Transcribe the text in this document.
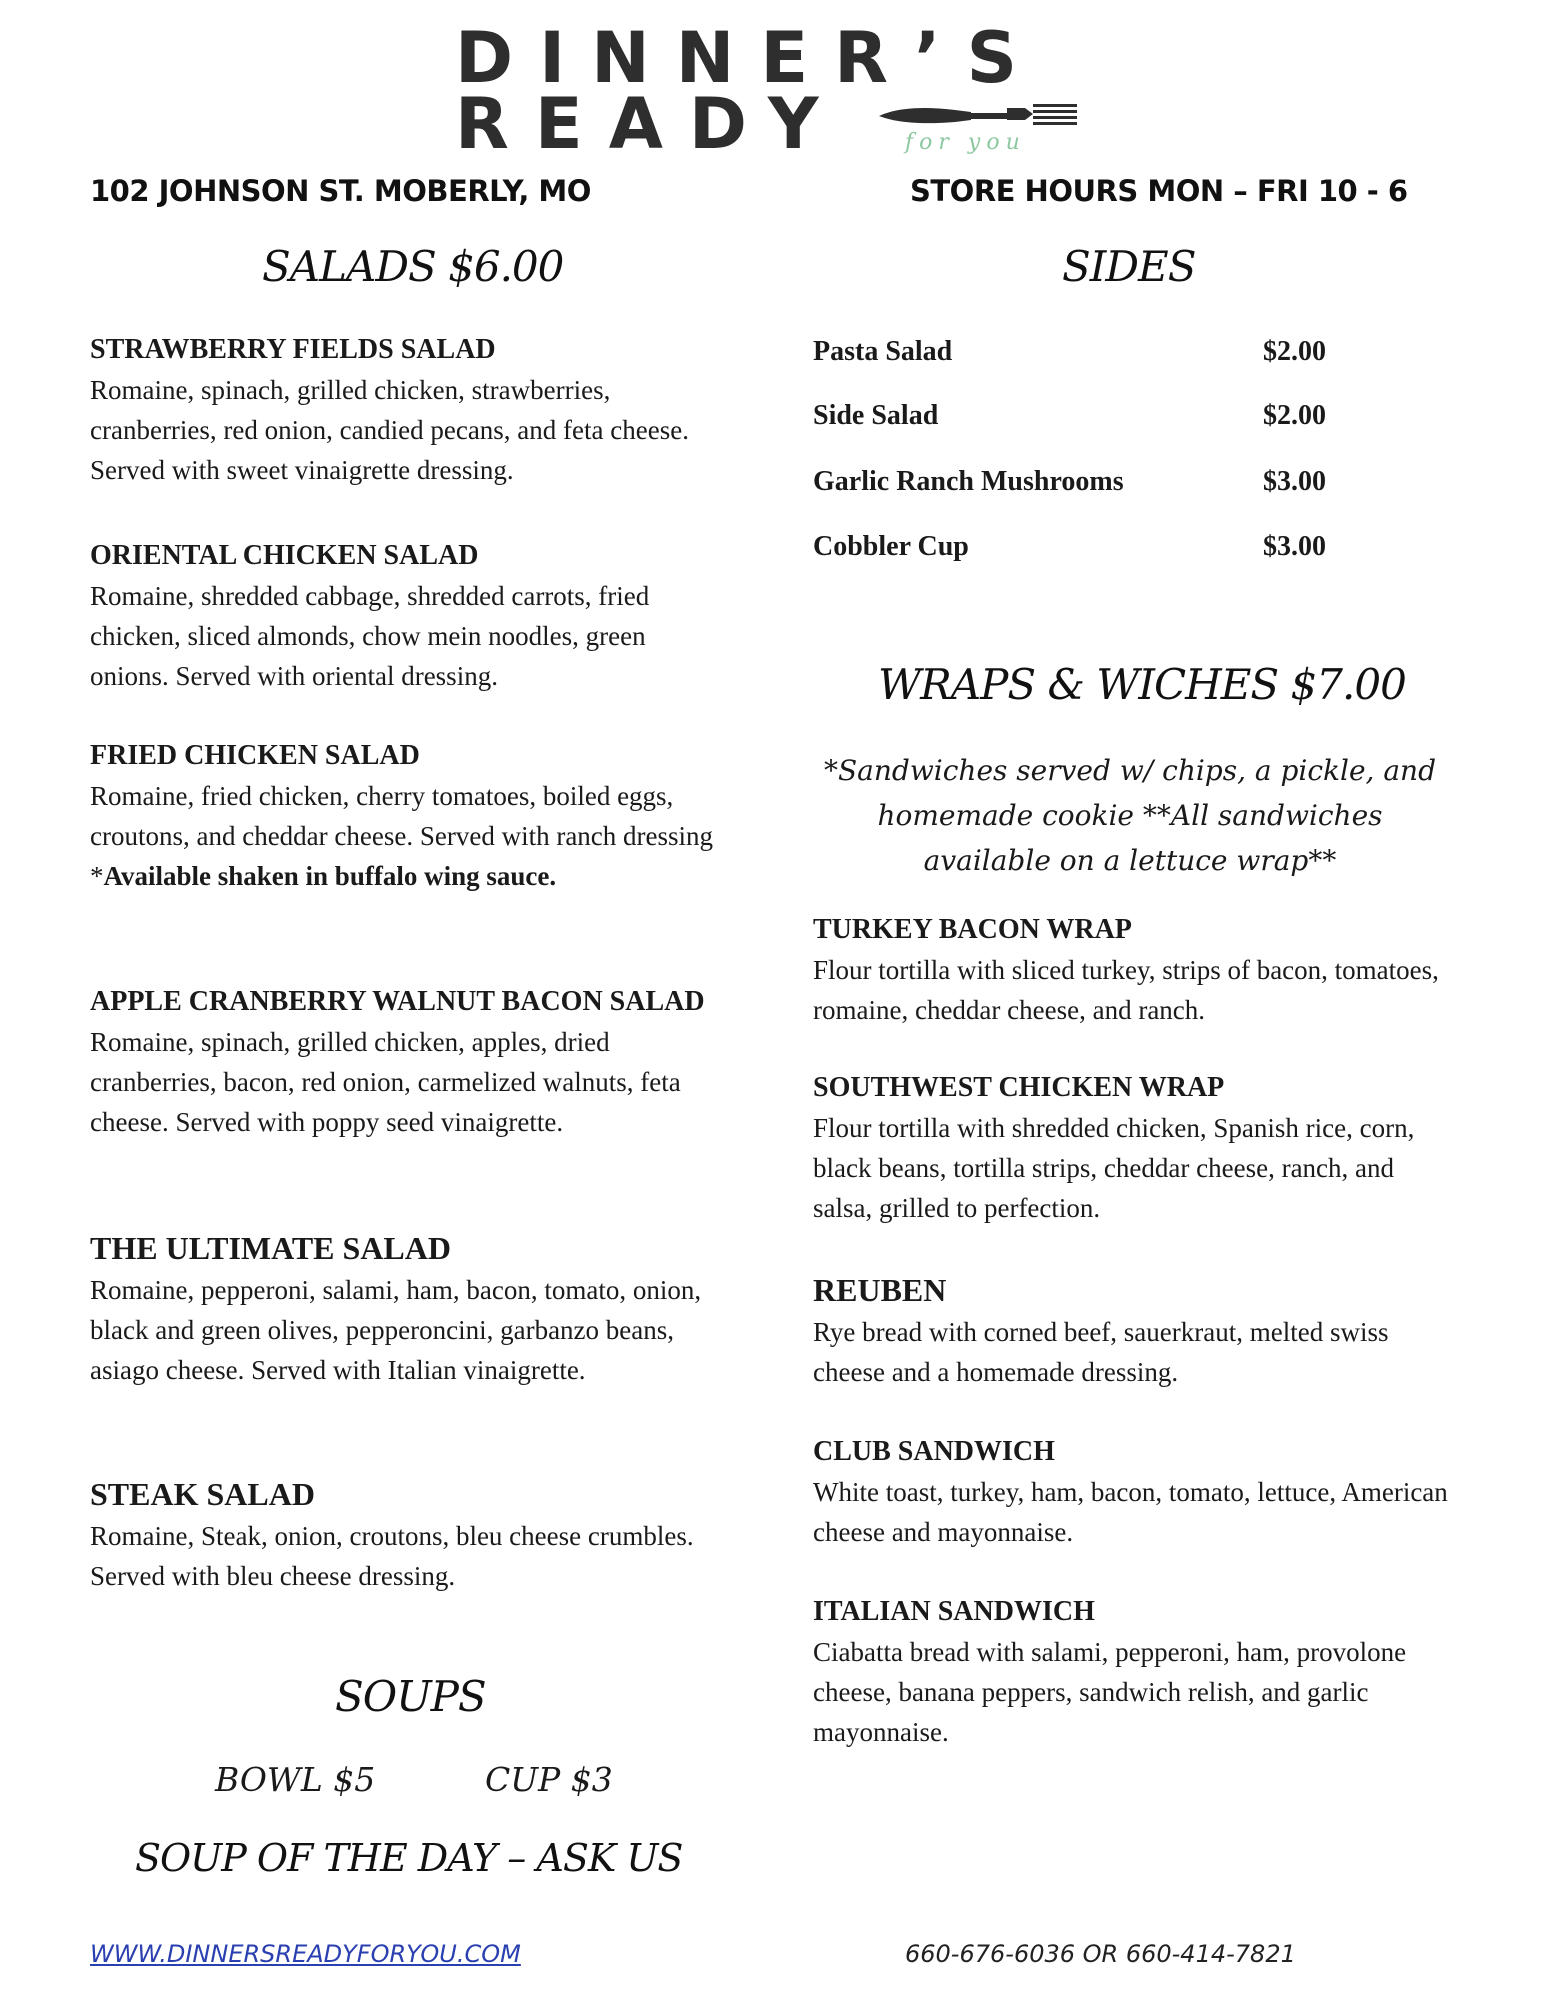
DINNER’S
READY	for you
102 JOHNSON ST. MOBERLY, MO	STORE HOURS MON – FRI 10 - 6
SALADS $6.00
STRAWBERRY FIELDS SALAD
Romaine, spinach, grilled chicken, strawberries, cranberries, red onion, candied pecans, and feta cheese. Served with sweet vinaigrette dressing.
ORIENTAL CHICKEN SALAD
Romaine, shredded cabbage, shredded carrots, fried chicken, sliced almonds, chow mein noodles, green onions. Served with oriental dressing.
FRIED CHICKEN SALAD
Romaine, fried chicken, cherry tomatoes, boiled eggs, croutons, and cheddar cheese. Served with ranch dressing *Available shaken in buffalo wing sauce.
APPLE CRANBERRY WALNUT BACON SALAD
Romaine, spinach, grilled chicken, apples, dried cranberries, bacon, red onion, carmelized walnuts, feta cheese. Served with poppy seed vinaigrette.
THE ULTIMATE SALAD
Romaine, pepperoni, salami, ham, bacon, tomato, onion, black and green olives, pepperoncini, garbanzo beans, asiago cheese. Served with Italian vinaigrette.
STEAK SALAD
Romaine, Steak, onion, croutons, bleu cheese crumbles. Served with bleu cheese dressing.
SIDES
Pasta Salad	$2.00
Side Salad	$2.00
Garlic Ranch Mushrooms	$3.00
Cobbler Cup	$3.00
WRAPS & WICHES $7.00
*Sandwiches served w/ chips, a pickle, and homemade cookie **All sandwiches available on a lettuce wrap**
TURKEY BACON WRAP
Flour tortilla with sliced turkey, strips of bacon, tomatoes, romaine, cheddar cheese, and ranch.
SOUTHWEST CHICKEN WRAP
Flour tortilla with shredded chicken, Spanish rice, corn, black beans, tortilla strips, cheddar cheese, ranch, and salsa, grilled to perfection.
REUBEN
Rye bread with corned beef, sauerkraut, melted swiss cheese and a homemade dressing.
CLUB SANDWICH
White toast, turkey, ham, bacon, tomato, lettuce, American cheese and mayonnaise.
ITALIAN SANDWICH
Ciabatta bread with salami, pepperoni, ham, provolone cheese, banana peppers, sandwich relish, and garlic mayonnaise.
SOUPS
BOWL $5	CUP $3
SOUP OF THE DAY – ASK US
WWW.DINNERSREADYFORYOU.COM	660-676-6036 OR 660-414-7821
